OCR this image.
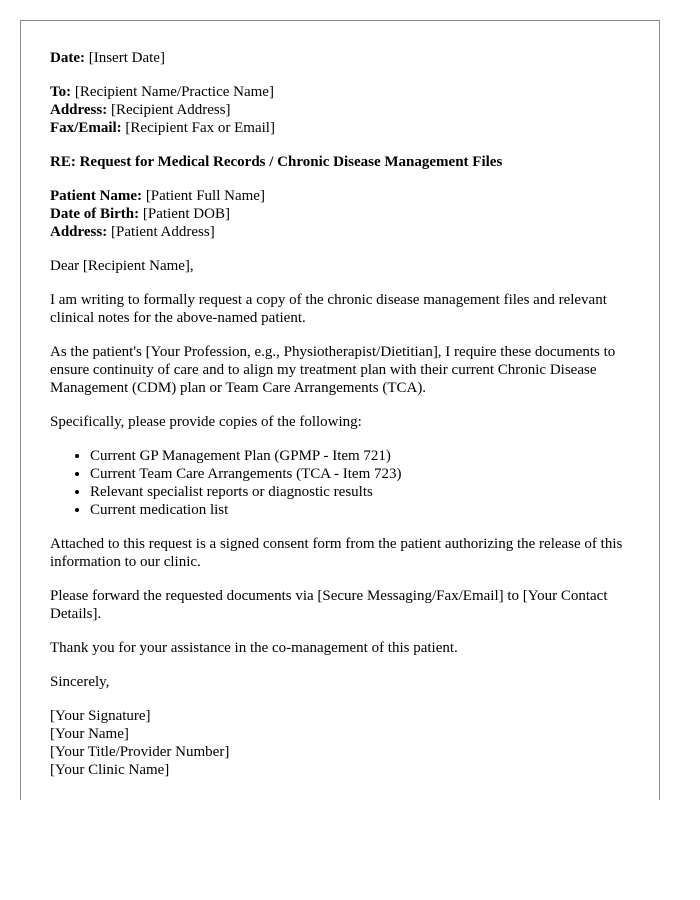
Date: [Insert Date]

To: [Recipient Name/Practice Name]
Address: [Recipient Address]
Fax/Email: [Recipient Fax or Email]

RE: Request for Medical Records / Chronic Disease Management Files

Patient Name: [Patient Full Name]
Date of Birth: [Patient DOB]
Address: [Patient Address]

Dear [Recipient Name],

I am writing to formally request a copy of the chronic disease management files and relevant clinical notes for the above-named patient.

As the patient's [Your Profession, e.g., Physiotherapist/Dietitian], I require these documents to ensure continuity of care and to align my treatment plan with their current Chronic Disease Management (CDM) plan or Team Care Arrangements (TCA).

Specifically, please provide copies of the following:

• Current GP Management Plan (GPMP - Item 721)
• Current Team Care Arrangements (TCA - Item 723)
• Relevant specialist reports or diagnostic results
• Current medication list

Attached to this request is a signed consent form from the patient authorizing the release of this information to our clinic.

Please forward the requested documents via [Secure Messaging/Fax/Email] to [Your Contact Details].

Thank you for your assistance in the co-management of this patient.

Sincerely,

[Your Signature]
[Your Name]
[Your Title/Provider Number]
[Your Clinic Name]
